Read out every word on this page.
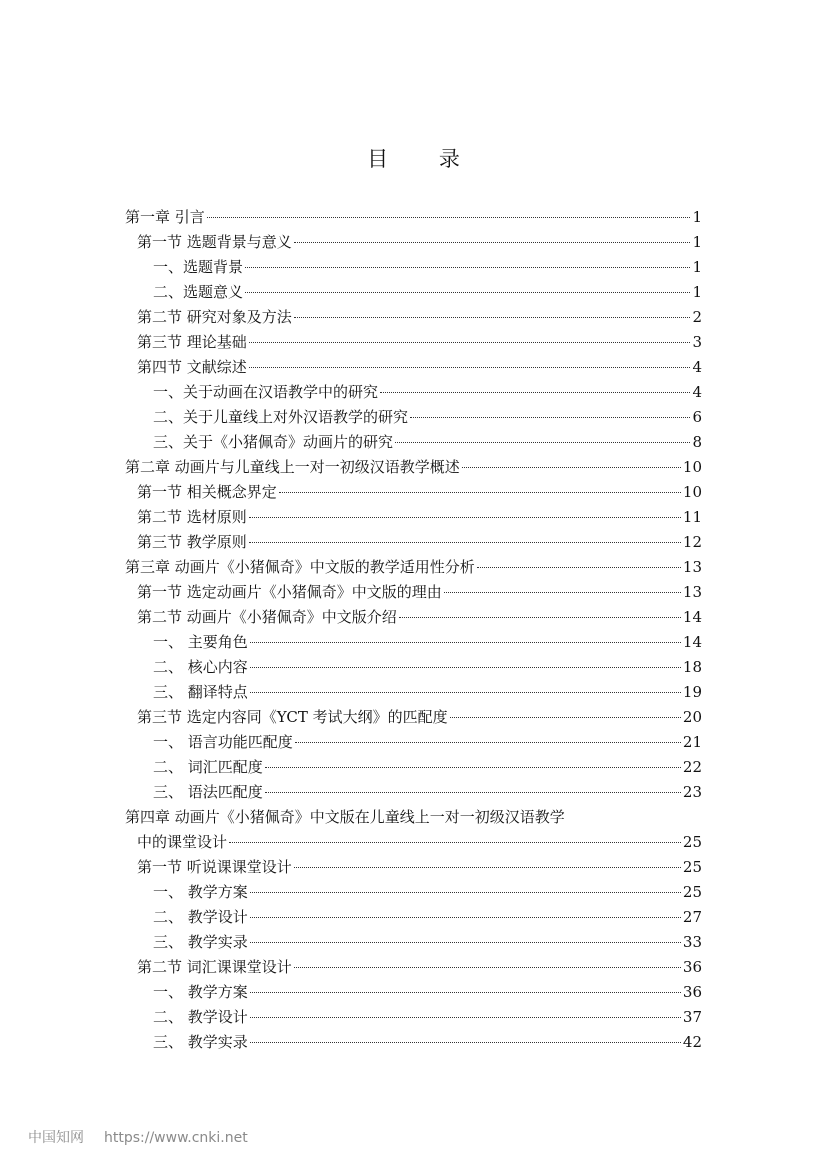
目 录
第一章 引言	1
第一节 选题背景与意义	1
一、选题背景	1
二、选题意义	1
第二节 研究对象及方法	2
第三节 理论基础	3
第四节 文献综述	4
一、关于动画在汉语教学中的研究	4
二、关于儿童线上对外汉语教学的研究	6
三、关于《小猪佩奇》动画片的研究	8
第二章 动画片与儿童线上一对一初级汉语教学概述	10
第一节 相关概念界定	10
第二节 选材原则	11
第三节 教学原则	12
第三章 动画片《小猪佩奇》中文版的教学适用性分析	13
第一节 选定动画片《小猪佩奇》中文版的理由	13
第二节 动画片《小猪佩奇》中文版介绍	14
一、 主要角色	14
二、 核心内容	18
三、 翻译特点	19
第三节 选定内容同《YCT 考试大纲》的匹配度	20
一、 语言功能匹配度	21
二、 词汇匹配度	22
三、 语法匹配度	23
第四章 动画片《小猪佩奇》中文版在儿童线上一对一初级汉语教学
中的课堂设计	25
第一节 听说课课堂设计	25
一、 教学方案	25
二、 教学设计	27
三、 教学实录	33
第二节 词汇课课堂设计	36
一、 教学方案	36
二、 教学设计	37
三、 教学实录	42
中国知网 https://www.cnki.net
